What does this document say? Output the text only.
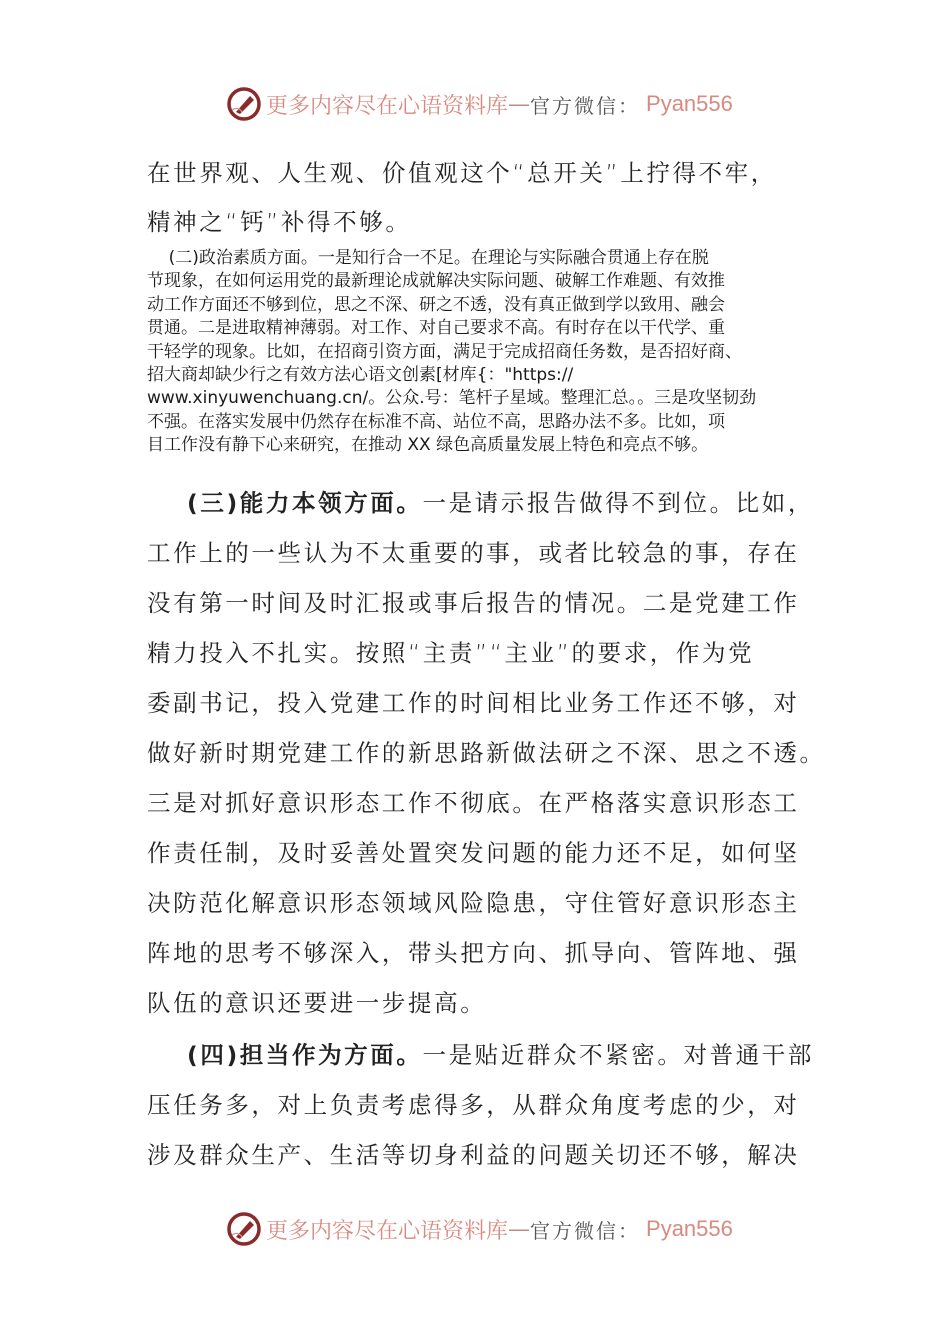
更多内容尽在心语资料库 — 官方微信： Pyan556
在世界观、人生观、价值观这个“总开关”上拧得不牢，
精神之“钙”补得不够。

(二)政治素质方面。一是知行合一不足。在理论与实际融合贯通上存在脱

节现象，在如何运用党的最新理论成就解决实际问题、破解工作难题、有效推

动工作方面还不够到位，思之不深、研之不透，没有真正做到学以致用、融会

贯通。二是进取精神薄弱。对工作、对自己要求不高。有时存在以干代学、重

干轻学的现象。比如，在招商引资方面，满足于完成招商任务数，是否招好商、

招大商却缺少行之有效方法心语文创素[材库{："https://

www.xinyuwenchuang.cn/。公众.号：笔杆子星域。整理汇总。。三是攻坚韧劲

不强。在落实发展中仍然存在标准不高、站位不高，思路办法不多。比如，项

目工作没有静下心来研究，在推动 XX 绿色高质量发展上特色和亮点不够。

(三)能力本领方面。一是请示报告做得不到位。比如，
工作上的一些认为不太重要的事，或者比较急的事，存在
没有第一时间及时汇报或事后报告的情况。二是党建工作
精力投入不扎实。按照“主责”“主业”的要求，作为党
委副书记，投入党建工作的时间相比业务工作还不够，对
做好新时期党建工作的新思路新做法研之不深、思之不透。
三是对抓好意识形态工作不彻底。在严格落实意识形态工
作责任制，及时妥善处置突发问题的能力还不足，如何坚
决防范化解意识形态领域风险隐患，守住管好意识形态主
阵地的思考不够深入，带头把方向、抓导向、管阵地、强
队伍的意识还要进一步提高。
(四)担当作为方面。一是贴近群众不紧密。对普通干部
压任务多，对上负责考虑得多，从群众角度考虑的少，对
涉及群众生产、生活等切身利益的问题关切还不够，解决
更多内容尽在心语资料库 — 官方微信： Pyan556
